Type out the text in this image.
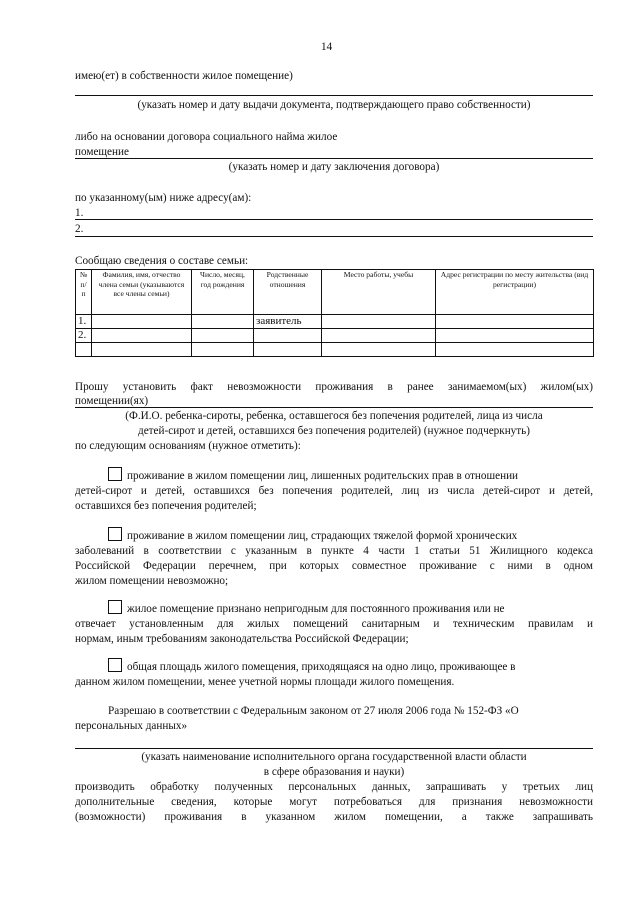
14
имею(ет) в собственности жилое помещение)
(указать номер и дату выдачи документа, подтверждающего право собственности)
либо на основании договора социального найма жилое
помещение
(указать номер и дату заключения договора)
по указанному(ым) ниже адресу(ам):
1.
2.
Сообщаю сведения о составе семьи:
№ п/ п	Фамилия, имя, отчество члена семьи (указываются все члены семьи)	Число, месяц, год рождения	Родственные отношения	Место работы, учебы	Адрес регистрации по месту жительства (вид регистрации)
1.			заявитель		
2.					

Прошу установить факт невозможности проживания в ранее занимаемом(ых) жилом(ых)
помещении(ях)
(Ф.И.О. ребенка-сироты, ребенка, оставшегося без попечения родителей, лица из числа
детей-сирот и детей, оставшихся без попечения родителей) (нужное подчеркнуть)
по следующим основаниям (нужное отметить):
проживание в жилом помещении лиц, лишенных родительских прав в отношении
детей-сирот и детей, оставшихся без попечения родителей, лиц из числа детей-сирот и детей,
оставшихся без попечения родителей;
проживание в жилом помещении лиц, страдающих тяжелой формой хронических
заболеваний в соответствии с указанным в пункте 4 части 1 статьи 51 Жилищного кодекса
Российской Федерации перечнем, при которых совместное проживание с ними в одном
жилом помещении невозможно;
жилое помещение признано непригодным для постоянного проживания или не
отвечает установленным для жилых помещений санитарным и техническим правилам и
нормам, иным требованиям законодательства Российской Федерации;
общая площадь жилого помещения, приходящаяся на одно лицо, проживающее в
данном жилом помещении, менее учетной нормы площади жилого помещения.
Разрешаю в соответствии с Федеральным законом от 27 июля 2006 года № 152-ФЗ «О
персональных данных»
(указать наименование исполнительного органа государственной власти области
в сфере образования и науки)
производить обработку полученных персональных данных, запрашивать у третьих лиц
дополнительные сведения, которые могут потребоваться для признания невозможности
(возможности) проживания в указанном жилом помещении, а также запрашивать
